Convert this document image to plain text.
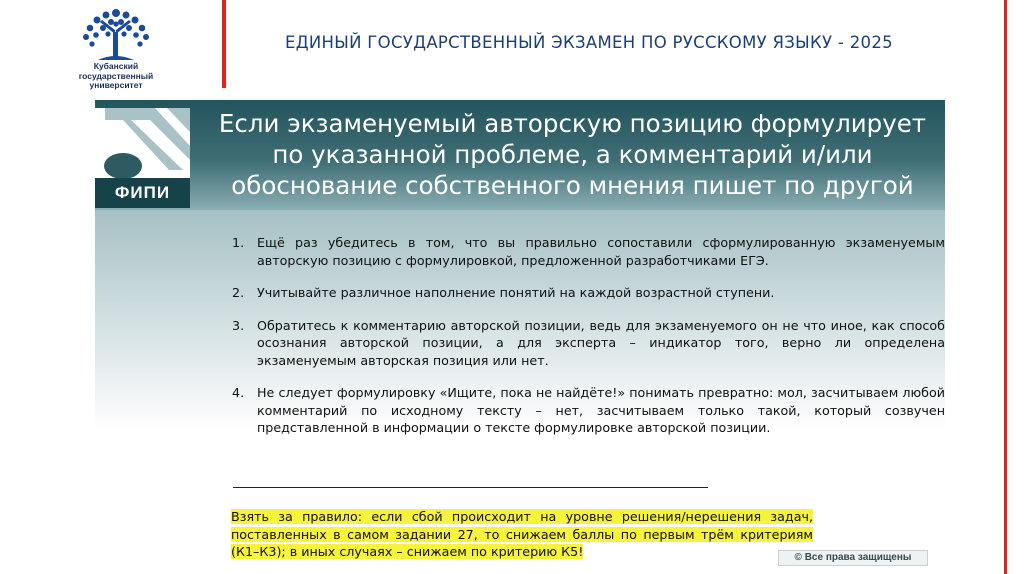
Кубанский
государственный
университет
ЕДИНЫЙ ГОСУДАРСТВЕННЫЙ ЭКЗАМЕН ПО РУССКОМУ ЯЗЫКУ - 2025
ФИПИ
Если экзаменуемый авторскую позицию формулирует
по указанной проблеме, а комментарий и/или
обоснование собственного мнения пишет по другой
1. Ещё раз убедитесь в том, что вы правильно сопоставили сформулированную экзаменуемым авторскую позицию с формулировкой, предложенной разработчиками ЕГЭ.
2. Учитывайте различное наполнение понятий на каждой возрастной ступени.
3. Обратитесь к комментарию авторской позиции, ведь для экзаменуемого он не что иное, как способ осознания авторской позиции, а для эксперта – индикатор того, верно ли определена экзаменуемым авторская позиция или нет.
4. Не следует формулировку «Ищите, пока не найдёте!» понимать превратно: мол, засчитываем любой комментарий по исходному тексту – нет, засчитываем только такой, который созвучен представленной в информации о тексте формулировке авторской позиции.
Взять за правило: если сбой происходит на уровне решения/нерешения задач, поставленных в самом задании 27, то снижаем баллы по первым трём критериям (К1–К3); в иных случаях – снижаем по критерию К5!	© Все права защищены
